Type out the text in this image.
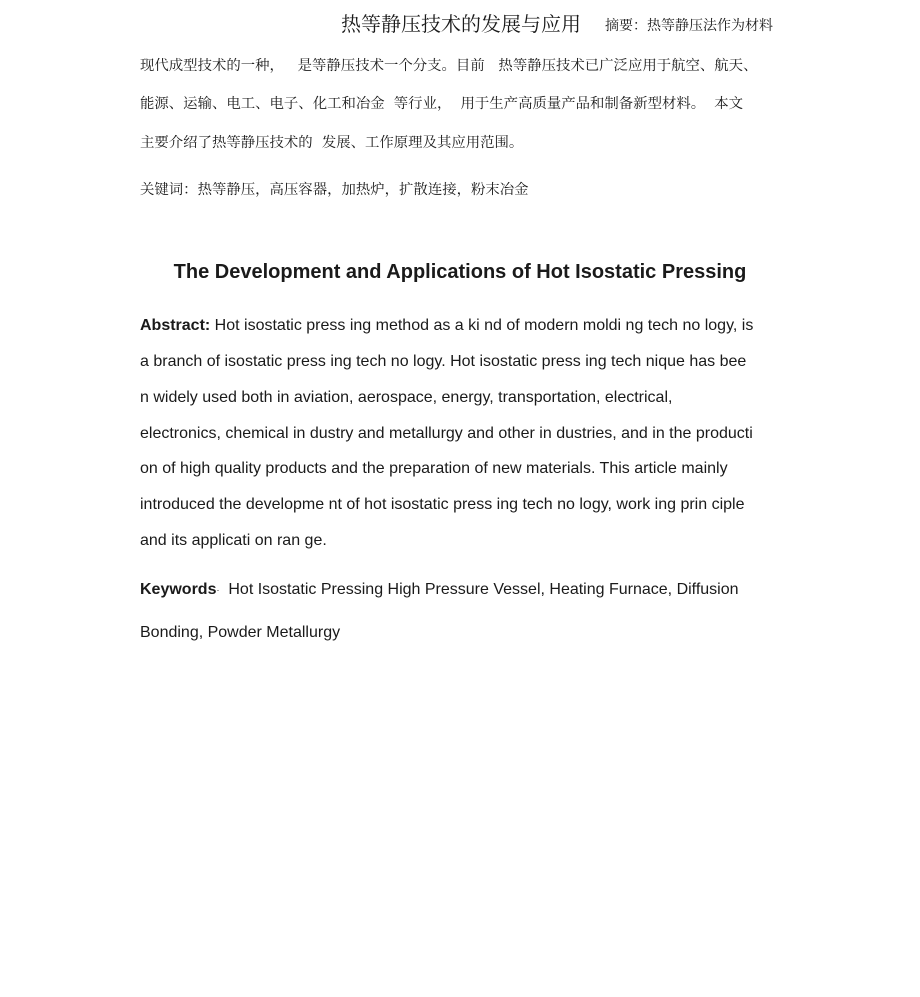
热等静压技术的发展与应用 摘要：热等静压法作为材料
现代成型技术的一种，   是等静压技术一个分支。目前   热等静压技术已广泛应用于航空、航天、
能源、运输、电工、电子、化工和冶金  等行业，  用于生产高质量产品和制备新型材料。  本文
主要介绍了热等静压技术的  发展、工作原理及其应用范围。
关键词：热等静压，高压容器，加热炉，扩散连接，粉末冶金
The Development and Applications of Hot Isostatic Pressing
Abstract: Hot isostatic press ing method as a ki nd of modern moldi ng tech no logy, is
a branch of isostatic press ing tech no logy. Hot isostatic press ing tech nique has bee
n widely used both in aviation, aerospace, energy, transportation, electrical,
electronics, chemical in dustry and metallurgy and other in dustries, and in the producti
on of high quality products and the preparation of new materials. This article mainly
introduced the developme nt of hot isostatic press ing tech no logy, work ing prin ciple
and its applicati on ran ge.
Keywords·  Hot Isostatic Pressing High Pressure Vessel, Heating Furnace, Diffusion
Bonding, Powder Metallurgy
